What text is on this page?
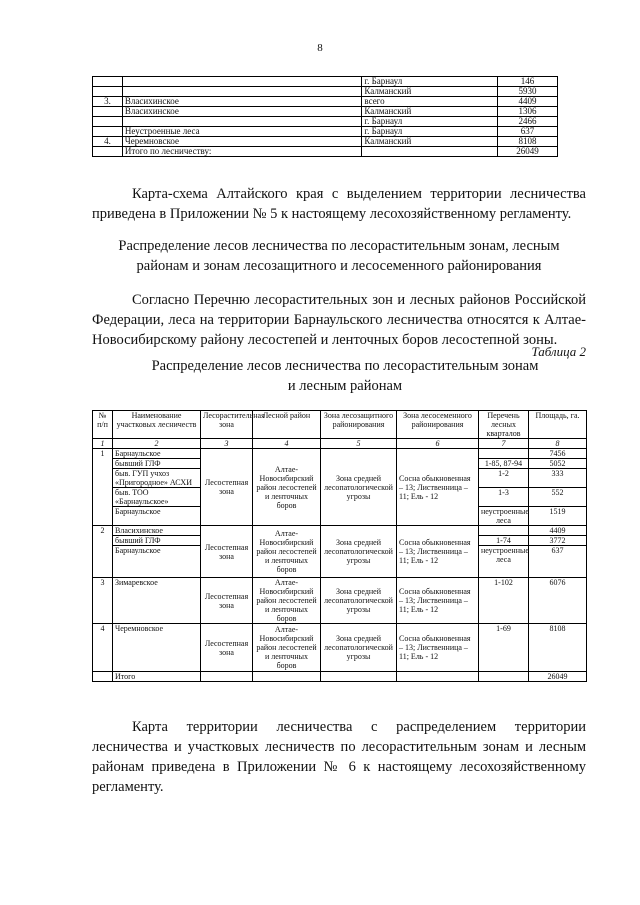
8
		г. Барнаул	146
		Калманский	5930
3.	Власихинское	всего	4409
	Власихинское	Калманский	1306
		г. Барнаул	2466
	Неустроенные леса	г. Барнаул	637
4.	Черемновское	Калманский	8108
	Итого по лесничеству:		26049

Карта-схема Алтайского края с выделением территории лесничества приведена в Приложении № 5 к настоящему лесохозяйственному регламенту.

Распределение лесов лесничества по лесорастительным зонам, лесным районам и зонам лесозащитного и лесосеменного районирования

Согласно Перечню лесорастительных зон и лесных районов Российской Федерации, леса на территории Барнаульского лесничества относятся к Алтае-Новосибирскому району лесостепей и ленточных боров лесостепной зоны.

Таблица 2

Распределение лесов лесничества по лесорастительным зонам и лесным районам

№ п/п	Наименование участковых лесничеств	Лесорастительная зона	Лесной район	Зона лесозащитного районирования	Зона лесосеменного районирования	Перечень лесных кварталов	Площадь, га.
1	2	3	4	5	6	7	8
1	Барнаульское	Лесостепная зона	Алтае-Новосибирский район лесостепей и ленточных боров	Зона средней лесопатологической угрозы	Сосна обыкновенная – 13; Лиственница – 11; Ель - 12		7456
	бывший ГЛФ					1-85, 87-94	5052
	быв. ГУП учхоз «Пригородное» АСХИ					1-2	333
	быв. ТОО «Барнаульское»					1-3	552
	Барнаульское					неустроенные леса	1519
2	Власихинское	Лесостепная зона	Алтае-Новосибирский район лесостепей и ленточных боров	Зона средней лесопатологической угрозы	Сосна обыкновенная – 13; Лиственница – 11; Ель - 12		4409
	бывший ГЛФ					1-74	3772
	Барнаульское					неустроенные леса	637
3	Зимаревское	Лесостепная зона	Алтае-Новосибирский район лесостепей и ленточных боров	Зона средней лесопатологической угрозы	Сосна обыкновенная – 13; Лиственница – 11; Ель - 12	1-102	6076
4	Черемновское	Лесостепная зона	Алтае-Новосибирский район лесостепей и ленточных боров	Зона средней лесопатологической угрозы	Сосна обыкновенная – 13; Лиственница – 11; Ель - 12	1-69	8108
	Итого						26049

Карта территории лесничества с распределением территории лесничества и участковых лесничеств по лесорастительным зонам и лесным районам приведена в Приложении № 6 к настоящему лесохозяйственному регламенту.
